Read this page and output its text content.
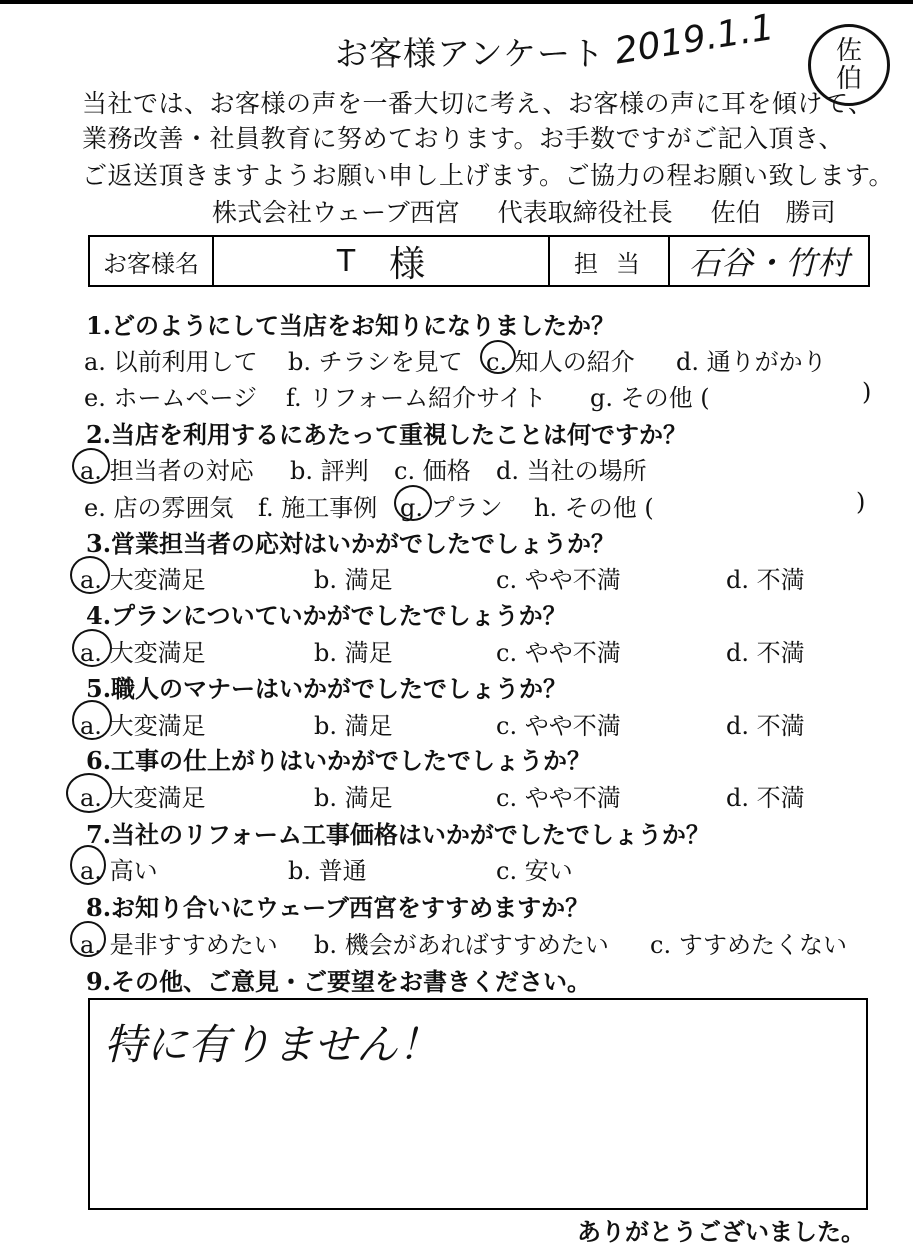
お客様アンケート 2019.1.1 佐
伯
当社では、お客様の声を一番大切に考え、お客様の声に耳を傾けて、
業務改善・社員教育に努めております。お手数ですがご記入頂き、
ご返送頂きますようお願い申し上げます。ご協力の程お願い致します。
株式会社ウェーブ西宮 代表取締役社長 佐伯　勝司
お客様名	T 様	担当 石谷・竹村
1.どのようにして当店をお知りになりましたか？
a. 以前利用して b. チラシを見て c. 知人の紹介 d. 通りがかり
e. ホームページ f. リフォーム紹介サイト g. その他 (	)
2.当店を利用するにあたって重視したことは何ですか？
a. 担当者の対応 b. 評判 c. 価格 d. 当社の場所
e. 店の雰囲気 f. 施工事例 g. プラン h. その他 (	)
3.営業担当者の応対はいかがでしたでしょうか？
a. 大変満足	b. 満足	c. やや不満	d. 不満
4.プランについていかがでしたでしょうか？
a. 大変満足	b. 満足	c. やや不満	d. 不満
5.職人のマナーはいかがでしたでしょうか？
a. 大変満足	b. 満足	c. やや不満	d. 不満
6.工事の仕上がりはいかがでしたでしょうか？
a. 大変満足	b. 満足	c. やや不満	d. 不満
7.当社のリフォーム工事価格はいかがでしたでしょうか？
a. 高い	b. 普通	c. 安い
8.お知り合いにウェーブ西宮をすすめますか？
a. 是非すすめたい b. 機会があればすすめたい c. すすめたくない
9.その他、ご意見・ご要望をお書きください。
特に有りません！
ありがとうございました。
